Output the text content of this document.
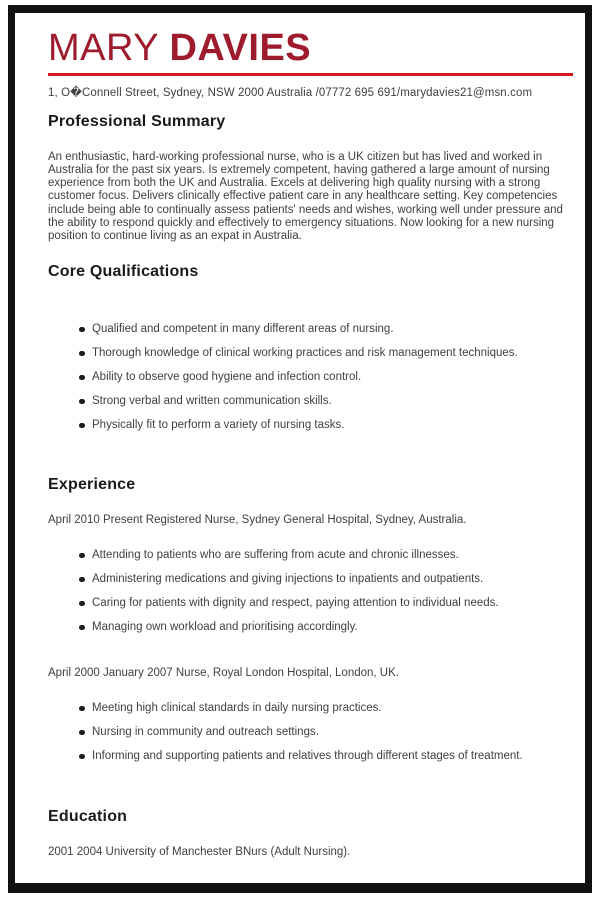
MARY DAVIES
1, O�Connell Street, Sydney, NSW 2000 Australia /07772 695 691/marydavies21@msn.com
Professional Summary

An enthusiastic, hard-working professional nurse, who is a UK citizen but has lived and worked in Australia for the past six years. Is extremely competent, having gathered a large amount of nursing experience from both the UK and Australia. Excels at delivering high quality nursing with a strong customer focus. Delivers clinically effective patient care in any healthcare setting. Key competencies include being able to continually assess patients' needs and wishes, working well under pressure and the ability to respond quickly and effectively to emergency situations. Now looking for a new nursing position to continue living as an expat in Australia.

Core Qualifications
Qualified and competent in many different areas of nursing.
Thorough knowledge of clinical working practices and risk management techniques.
Ability to observe good hygiene and infection control.
Strong verbal and written communication skills.
Physically fit to perform a variety of nursing tasks.
Experience

April 2010 Present Registered Nurse, Sydney General Hospital, Sydney, Australia.

Attending to patients who are suffering from acute and chronic illnesses.
Administering medications and giving injections to inpatients and outpatients.
Caring for patients with dignity and respect, paying attention to individual needs.
Managing own workload and prioritising accordingly.

April 2000 January 2007 Nurse, Royal London Hospital, London, UK.

Meeting high clinical standards in daily nursing practices.
Nursing in community and outreach settings.
Informing and supporting patients and relatives through different stages of treatment.
Education

2001 2004 University of Manchester BNurs (Adult Nursing).
